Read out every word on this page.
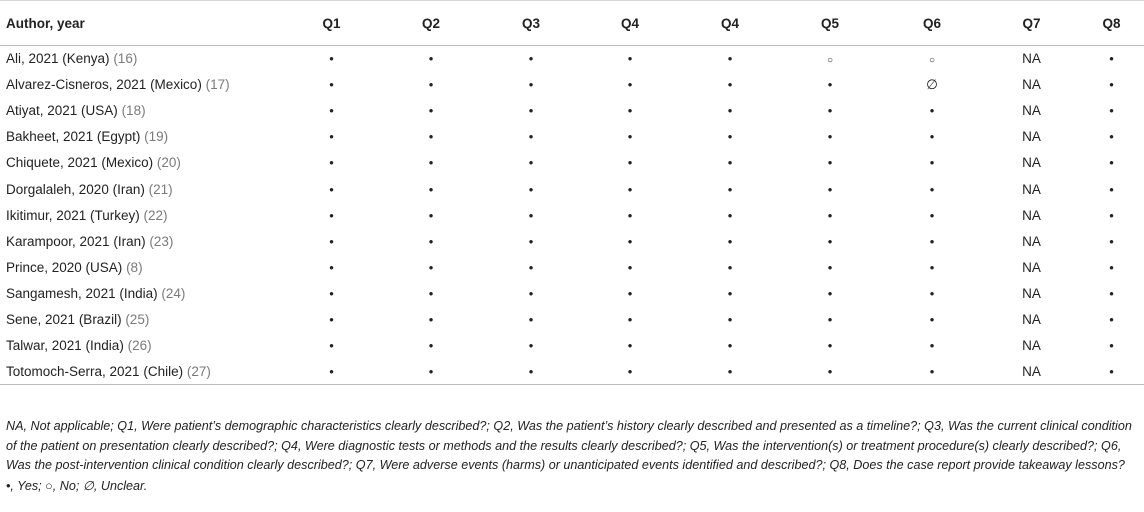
Author, year	Q1	Q2	Q3	Q4	Q4	Q5	Q6	Q7	Q8
Ali, 2021 (Kenya) (16)	•	•	•	•	•	○	○	NA	•
Alvarez-Cisneros, 2021 (Mexico) (17)	•	•	•	•	•	•	∅	NA	•
Atiyat, 2021 (USA) (18)	•	•	•	•	•	•	•	NA	•
Bakheet, 2021 (Egypt) (19)	•	•	•	•	•	•	•	NA	•
Chiquete, 2021 (Mexico) (20)	•	•	•	•	•	•	•	NA	•
Dorgalaleh, 2020 (Iran) (21)	•	•	•	•	•	•	•	NA	•
Ikitimur, 2021 (Turkey) (22)	•	•	•	•	•	•	•	NA	•
Karampoor, 2021 (Iran) (23)	•	•	•	•	•	•	•	NA	•
Prince, 2020 (USA) (8)	•	•	•	•	•	•	•	NA	•
Sangamesh, 2021 (India) (24)	•	•	•	•	•	•	•	NA	•
Sene, 2021 (Brazil) (25)	•	•	•	•	•	•	•	NA	•
Talwar, 2021 (India) (26)	•	•	•	•	•	•	•	NA	•
Totomoch-Serra, 2021 (Chile) (27)	•	•	•	•	•	•	•	NA	•
NA, Not applicable; Q1, Were patient’s demographic characteristics clearly described?; Q2, Was the patient’s history clearly described and presented as a timeline?; Q3, Was the current clinical condition of the patient on presentation clearly described?; Q4, Were diagnostic tests or methods and the results clearly described?; Q5, Was the intervention(s) or treatment procedure(s) clearly described?; Q6, Was the post-intervention clinical condition clearly described?; Q7, Were adverse events (harms) or unanticipated events identified and described?; Q8, Does the case report provide takeaway lessons?
•, Yes; ○, No; ∅, Unclear.
